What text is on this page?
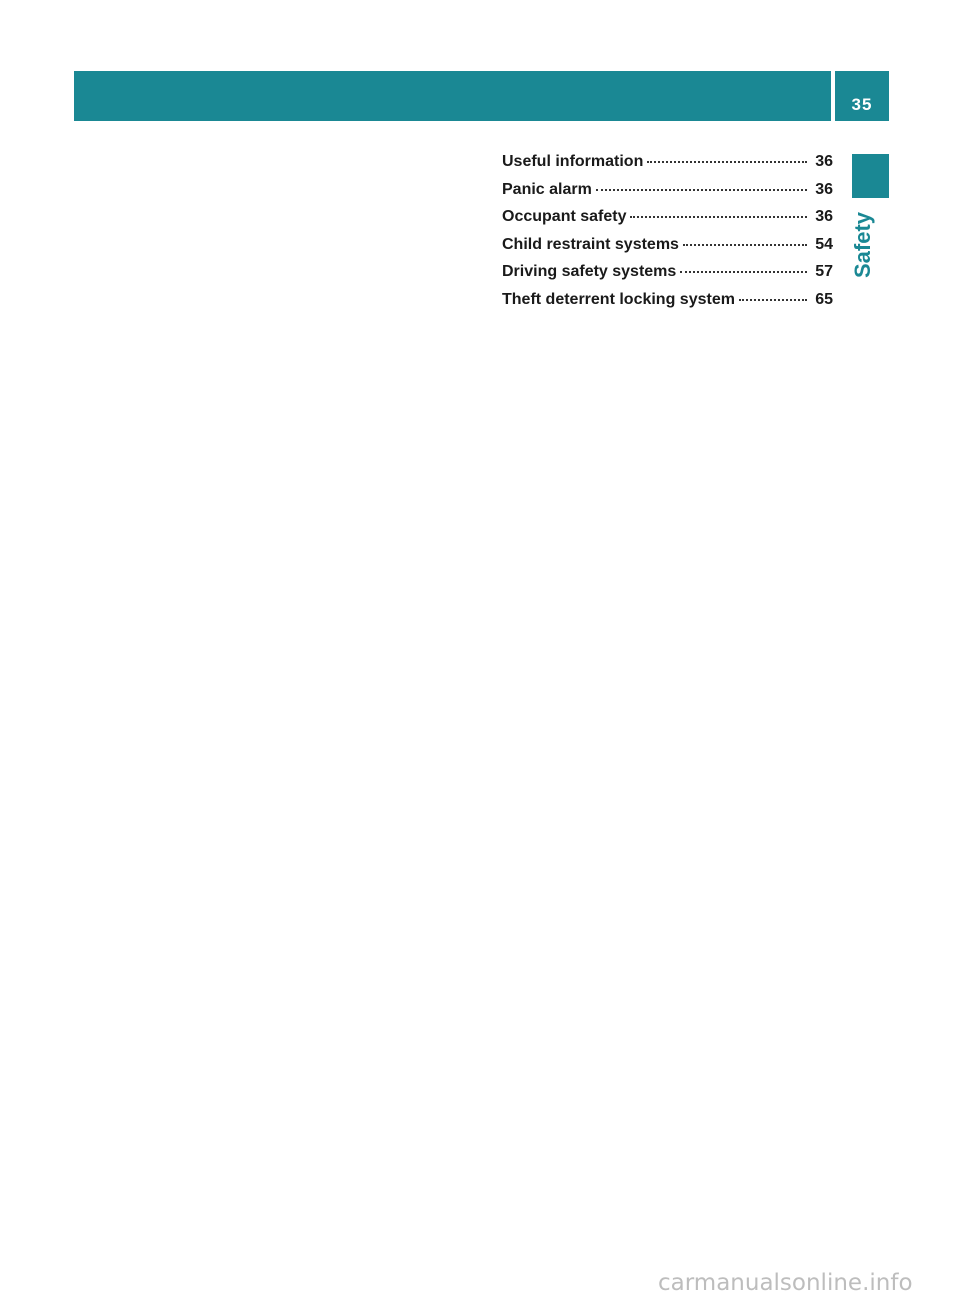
35
Safety
Useful information	36
Panic alarm	36
Occupant safety	36
Child restraint systems	54
Driving safety systems	57
Theft deterrent locking system	65
carmanualsonline.info
